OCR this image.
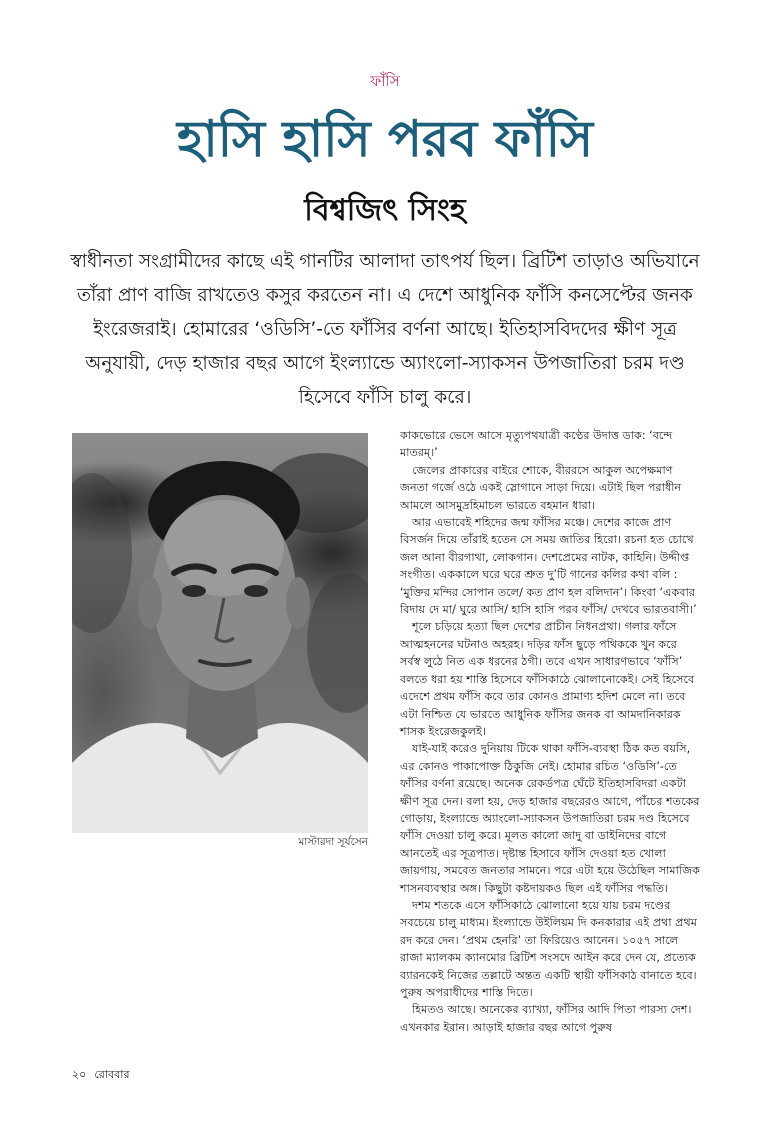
ফাঁসি
হাসি হাসি পরব ফাঁসি
বিশ্বজিৎ সিংহ
স্বাধীনতা সংগ্রামীদের কাছে এই গানটির আলাদা তাৎপর্য ছিল। ব্রিটিশ তাড়াও অভিযানে তাঁরা প্রাণ বাজি রাখতেও কসুর করতেন না। এ দেশে আধুনিক ফাঁসি কনসেপ্টের জনক ইংরেজরাই। হোমারের ‘ওডিসি’-তে ফাঁসির বর্ণনা আছে। ইতিহাসবিদদের ক্ষীণ সূত্র অনুযায়ী, দেড় হাজার বছর আগে ইংল্যান্ডে অ্যাংলো-স্যাকসন উপজাতিরা চরম দণ্ড হিসেবে ফাঁসি চালু করে।
মাস্টারদা সূর্যসেন

কাকভোরে ভেসে আসে মৃত্যুপথযাত্রী কণ্ঠের উদাত্ত ডাক: ‘বন্দে মাতরম্।’

জেলের প্রাকারের বাইরে শোকে, বীররসে আকুল অপেক্ষমাণ জনতা গর্জে ওঠে একই স্লোগানে সাড়া দিয়ে। এটাই ছিল পরাধীন আমলে আসমুদ্রহিমাচল ভারতে বহমান ধারা।

আর এভাবেই শহিদের জন্ম ফাঁসির মঞ্চে। দেশের কাজে প্রাণ বিসর্জন দিয়ে তাঁরাই হতেন সে সময় জাতির হিরো। রচনা হত চোখে জল আনা বীরগাথা, লোকগান। দেশপ্রেমের নাটক, কাহিনি। উদ্দীপ্ত সংগীত। এককালে ঘরে ঘরে শ্রুত দু’টি গানের কলির কথা বলি : ‘মুক্তির মন্দির সোপান তলে/ কত প্রাণ হল বলিদান’। কিংবা ‘একবার বিদায় দে মা/ ঘুরে আসি/ হাসি হাসি পরব ফাঁসি/ দেখবে ভারতবাসী।’

শূলে চড়িয়ে হত্যা ছিল দেশের প্রাচীন নিধনপ্রথা। গলার ফাঁসে আত্মহননের ঘটনাও অহরহ। দড়ির ফাঁস ছুড়ে পথিককে খুন করে সর্বস্ব লুঠে নিত এক ধরনের ঠগী। তবে এখন সাধারণভাবে ‘ফাঁসি’ বলতে ধরা হয় শাস্তি হিসেবে ফাঁসিকাঠে ঝোলানোকেই। সেই হিসেবে এদেশে প্রথম ফাঁসি কবে তার কোনও প্রামাণ্য হদিশ মেলে না। তবে এটা নিশ্চিত যে ভারতে আধুনিক ফাঁসির জনক বা আমদানিকারক শাসক ইংরেজকুলই।

যাই-যাই করেও দুনিয়ায় টিকে থাকা ফাঁসি-ব্যবস্থা ঠিক কত বয়সি, এর কোনও পাকাপোক্ত ঠিকুজি নেই। হোমার রচিত ‘ওডিসি’-তে ফাঁসির বর্ণনা রয়েছে। অনেক রেকর্ডপত্র ঘেঁটে ইতিহাসবিদরা একটা ক্ষীণ সূত্র দেন। বলা হয়, দেড় হাজার বছরেরও আগে, পাঁচের শতকের গোড়ায়, ইংল্যান্ডে অ্যাংলো-স্যাকসন উপজাতিরা চরম দণ্ড হিসেবে ফাঁসি দেওয়া চালু করে। মূলত কালো জাদু বা ডাইনিদের বাগে আনতেই এর সূত্রপাত। দৃষ্টান্ত হিসাবে ফাঁসি দেওয়া হত খোলা জায়গায়, সমবেত জনতার সামনে। পরে এটা হয়ে উঠেছিল সামাজিক শাসনব্যবস্থার অঙ্গ। কিছুটা কষ্টদায়কও ছিল এই ফাঁসির পদ্ধতি।

দশম শতকে এসে ফাঁসিকাঠে ঝোলানো হয়ে যায় চরম দণ্ডের সবচেয়ে চালু মাধ্যম। ইংল্যান্ডে উইলিয়ম দি কনকারার এই প্রথা প্রথম রদ করে দেন। ‘প্রথম হেনরি’ তা ফিরিয়েও আনেন। ১০৫৭ সালে রাজা ম্যালকম ক্যানমোর ব্রিটিশ সংসদে আইন করে দেন যে, প্রত্যেক ব্যারনকেই নিজের তল্লাটে অন্তত একটি স্থায়ী ফাঁসিকাঠ বানাতে হবে। পুরুষ অপরাধীদের শাস্তি দিতে।

হিমতও আছে। অনেকের ব্যাখ্যা, ফাঁসির আদি পিতা পারস্য দেশ। এখনকার ইরান। আড়াই হাজার বছর আগে পুরুষ

২০ রোববার
